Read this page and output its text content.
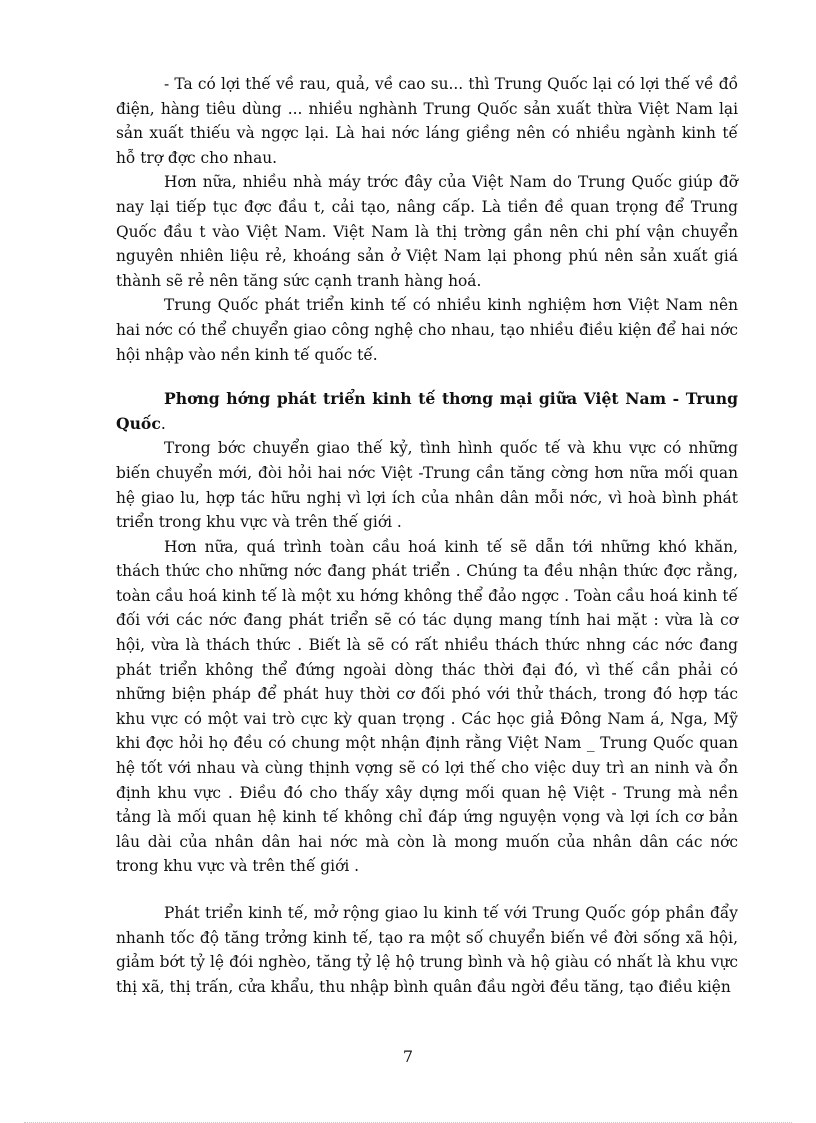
- Ta có lợi thế về rau, quả, về cao su... thì Trung Quốc lại có lợi thế về đồ điện, hàng tiêu dùng ... nhiều nghành Trung Quốc sản xuất thừa Việt Nam lại sản xuất thiếu và ngợc lại. Là hai nớc láng giềng nên có nhiều ngành kinh tế hỗ trợ đợc cho nhau.

Hơn nữa, nhiều nhà máy trớc đây của Việt Nam do Trung Quốc giúp đỡ nay lại tiếp tục đợc đầu t, cải tạo, nâng cấp. Là tiền đề quan trọng để Trung Quốc đầu t vào Việt Nam. Việt Nam là thị trờng gần nên chi phí vận chuyển nguyên nhiên liệu rẻ, khoáng sản ở Việt Nam lại phong phú nên sản xuất giá thành sẽ rẻ nên tăng sức cạnh tranh hàng hoá.

Trung Quốc phát triển kinh tế có nhiều kinh nghiệm hơn Việt Nam nên hai nớc có thể chuyển giao công nghệ cho nhau, tạo nhiều điều kiện để hai nớc hội nhập vào nền kinh tế quốc tế.

Phơng hớng phát triển kinh tế thơng mại giữa Việt Nam - Trung Quốc.

Trong bớc chuyển giao thế kỷ, tình hình quốc tế và khu vực có những biến chuyển mới, đòi hỏi hai nớc Việt -Trung cần tăng cờng hơn nữa mối quan hệ giao lu, hợp tác hữu nghị vì lợi ích của nhân dân mỗi nớc, vì hoà bình phát triển trong khu vực và trên thế giới .

Hơn nữa, quá trình toàn cầu hoá kinh tế sẽ dẫn tới những khó khăn, thách thức cho những nớc đang phát triển . Chúng ta đều nhận thức đợc rằng, toàn cầu hoá kinh tế là một xu hớng không thể đảo ngợc . Toàn cầu hoá kinh tế đối với các nớc đang phát triển sẽ có tác dụng mang tính hai mặt : vừa là cơ hội, vừa là thách thức . Biết là sẽ có rất nhiều thách thức nhng các nớc đang phát triển không thể đứng ngoài dòng thác thời đại đó, vì thế cần phải có những biện pháp để phát huy thời cơ đối phó với thử thách, trong đó hợp tác khu vực có một vai trò cực kỳ quan trọng . Các học giả Đông Nam á, Nga, Mỹ khi đợc hỏi họ đều có chung một nhận định rằng Việt Nam _ Trung Quốc quan hệ tốt với nhau và cùng thịnh vợng sẽ có lợi thế cho việc duy trì an ninh và ổn định khu vực . Điều đó cho thấy xây dựng mối quan hệ Việt - Trung mà nền tảng là mối quan hệ kinh tế không chỉ đáp ứng nguyện vọng và lợi ích cơ bản lâu dài của nhân dân hai nớc mà còn là mong muốn của nhân dân các nớc trong khu vực và trên thế giới .

Phát triển kinh tế, mở rộng giao lu kinh tế với Trung Quốc góp phần đẩy nhanh tốc độ tăng trởng kinh tế, tạo ra một số chuyển biến về đời sống xã hội, giảm bớt tỷ lệ đói nghèo, tăng tỷ lệ hộ trung bình và hộ giàu có nhất là khu vực thị xã, thị trấn, cửa khẩu, thu nhập bình quân đầu ngời đều tăng, tạo điều kiện

7
